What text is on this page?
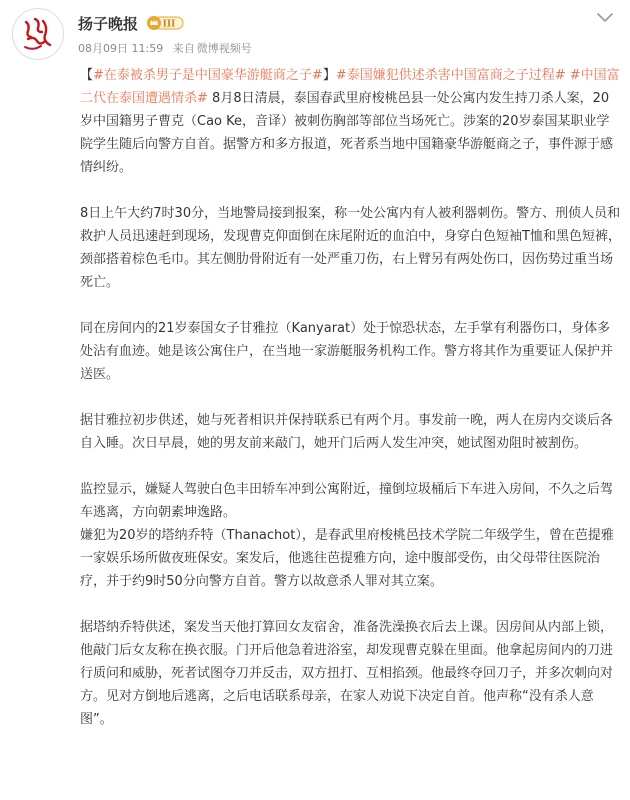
扬子晚报	III
08月09日 11:59 来自 微博视频号

【#在泰被杀男子是中国豪华游艇商之子#】#泰国嫌犯供述杀害中国富商之子过程# #中国富二代在泰国遭遇情杀# 8月8日清晨，泰国春武里府梭桃邑县一处公寓内发生持刀杀人案，20岁中国籍男子曹克（Cao Ke，音译）被刺伤胸部等部位当场死亡。涉案的20岁泰国某职业学院学生随后向警方自首。据警方和多方报道，死者系当地中国籍豪华游艇商之子，事件源于感情纠纷。

8日上午大约7时30分，当地警局接到报案，称一处公寓内有人被利器刺伤。警方、刑侦人员和救护人员迅速赶到现场，发现曹克仰面倒在床尾附近的血泊中，身穿白色短袖T恤和黑色短裤，颈部搭着棕色毛巾。其左侧肋骨附近有一处严重刀伤，右上臂另有两处伤口，因伤势过重当场死亡。

同在房间内的21岁泰国女子甘雅拉（Kanyarat）处于惊恐状态，左手掌有利器伤口，身体多处沾有血迹。她是该公寓住户，在当地一家游艇服务机构工作。警方将其作为重要证人保护并送医。

据甘雅拉初步供述，她与死者相识并保持联系已有两个月。事发前一晚，两人在房内交谈后各自入睡。次日早晨，她的男友前来敲门，她开门后两人发生冲突，她试图劝阻时被割伤。

监控显示，嫌疑人驾驶白色丰田轿车冲到公寓附近，撞倒垃圾桶后下车进入房间，不久之后驾车逃离，方向朝素坤逸路。

嫌犯为20岁的塔纳乔特（Thanachot），是春武里府梭桃邑技术学院二年级学生，曾在芭提雅一家娱乐场所做夜班保安。案发后，他逃往芭提雅方向，途中腹部受伤，由父母带往医院治疗，并于约9时50分向警方自首。警方以故意杀人罪对其立案。

据塔纳乔特供述，案发当天他打算回女友宿舍，准备洗澡换衣后去上课。因房间从内部上锁，他敲门后女友称在换衣服。门开后他急着进浴室，却发现曹克躲在里面。他拿起房间内的刀进行质问和威胁，死者试图夺刀并反击，双方扭打、互相掐颈。他最终夺回刀子，并多次刺向对方。见对方倒地后逃离，之后电话联系母亲，在家人劝说下决定自首。他声称“没有杀人意图”。
